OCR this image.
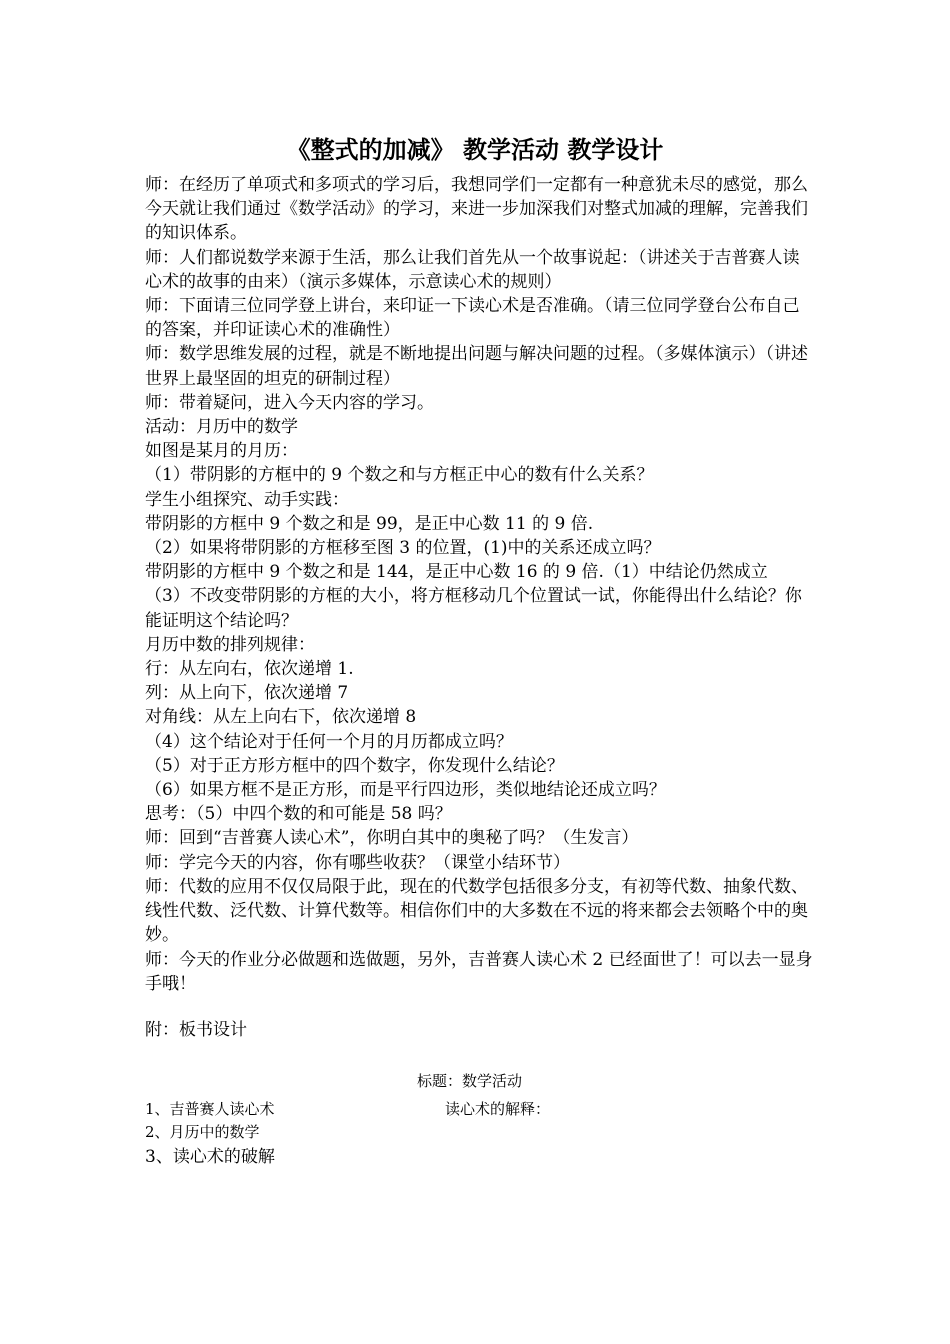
《整式的加减》 教学活动 教学设计

师：在经历了单项式和多项式的学习后，我想同学们一定都有一种意犹未尽的感觉，那么今天就让我们通过《数学活动》的学习，来进一步加深我们对整式加减的理解，完善我们的知识体系。

师：人们都说数学来源于生活，那么让我们首先从一个故事说起：（讲述关于吉普赛人读心术的故事的由来）（演示多媒体，示意读心术的规则）

师：下面请三位同学登上讲台，来印证一下读心术是否准确。（请三位同学登台公布自己的答案，并印证读心术的准确性）

师：数学思维发展的过程，就是不断地提出问题与解决问题的过程。（多媒体演示）（讲述世界上最坚固的坦克的研制过程）

师：带着疑问，进入今天内容的学习。

活动：月历中的数学

如图是某月的月历：

（1）带阴影的方框中的 9 个数之和与方框正中心的数有什么关系？

学生小组探究、动手实践：

带阴影的方框中 9 个数之和是 99，是正中心数 11 的 9 倍.

（2）如果将带阴影的方框移至图 3 的位置，(1)中的关系还成立吗？

带阴影的方框中 9 个数之和是 144，是正中心数 16 的 9 倍.（1）中结论仍然成立

（3）不改变带阴影的方框的大小，将方框移动几个位置试一试，你能得出什么结论？你能证明这个结论吗？

月历中数的排列规律：

行：从左向右，依次递增 1.

列：从上向下，依次递增 7

对角线：从左上向右下，依次递增 8

（4）这个结论对于任何一个月的月历都成立吗？

（5）对于正方形方框中的四个数字，你发现什么结论？

（6）如果方框不是正方形，而是平行四边形，类似地结论还成立吗？

思考：（5）中四个数的和可能是 58 吗？

师：回到“吉普赛人读心术”，你明白其中的奥秘了吗？（生发言）

师：学完今天的内容，你有哪些收获？（课堂小结环节）

师：代数的应用不仅仅局限于此，现在的代数学包括很多分支，有初等代数、抽象代数、线性代数、泛代数、计算代数等。相信你们中的大多数在不远的将来都会去领略个中的奥妙。

师：今天的作业分必做题和选做题，另外，吉普赛人读心术 2 已经面世了！可以去一显身手哦！

附：板书设计

标题：数学活动
读心术的解释：
1、吉普赛人读心术
2、月历中的数学
3、读心术的破解
